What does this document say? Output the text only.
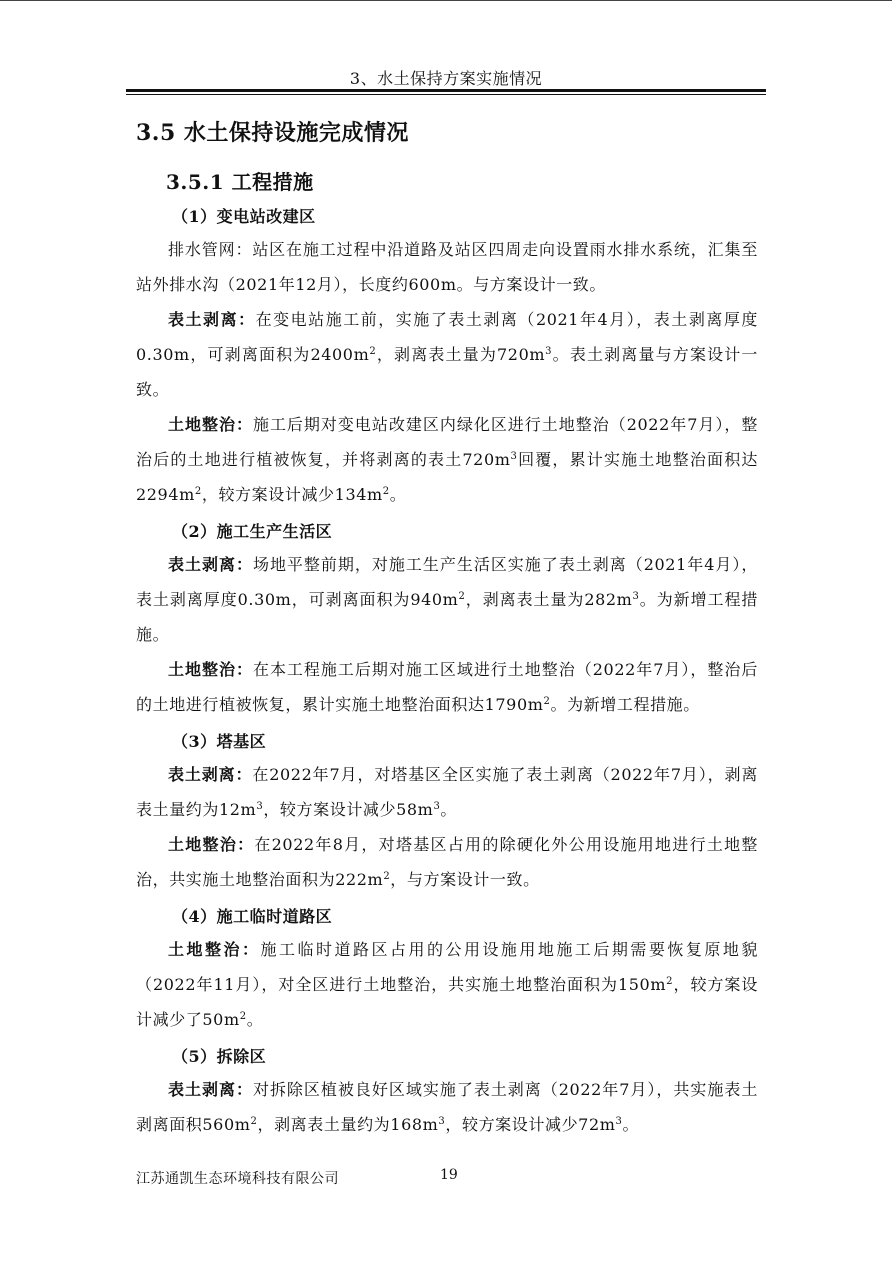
3、水土保持方案实施情况
3.5 水土保持设施完成情况
3.5.1 工程措施
（1）变电站改建区

排水管网：站区在施工过程中沿道路及站区四周走向设置雨水排水系统，汇集至站外排水沟（2021年12月），长度约600m。与方案设计一致。

表土剥离：在变电站施工前，实施了表土剥离（2021年4月），表土剥离厚度0.30m，可剥离面积为$2400m^2$，剥离表土量为$720m^3$。表土剥离量与方案设计一致。

土地整治：施工后期对变电站改建区内绿化区进行土地整治（2022年7月），整治后的土地进行植被恢复，并将剥离的表土$720m^3$回覆，累计实施土地整治面积达$2294m^2$，较方案设计减少$134m^2$。

（2）施工生产生活区

表土剥离：场地平整前期，对施工生产生活区实施了表土剥离（2021年4月），表土剥离厚度0.30m，可剥离面积为$940m^2$，剥离表土量为$282m^3$。为新增工程措施。

土地整治：在本工程施工后期对施工区域进行土地整治（2022年7月），整治后的土地进行植被恢复，累计实施土地整治面积达$1790m^2$。为新增工程措施。

（3）塔基区

表土剥离：在2022年7月，对塔基区全区实施了表土剥离（2022年7月），剥离表土量约为$12m^3$，较方案设计减少$58m^3$。

土地整治：在2022年8月，对塔基区占用的除硬化外公用设施用地进行土地整治，共实施土地整治面积为$222m^2$，与方案设计一致。

（4）施工临时道路区

土地整治：施工临时道路区占用的公用设施用地施工后期需要恢复原地貌（2022年11月），对全区进行土地整治，共实施土地整治面积为$150m^2$，较方案设计减少了$50m^2$。

（5）拆除区

表土剥离：对拆除区植被良好区域实施了表土剥离（2022年7月），共实施表土剥离面积$560m^2$，剥离表土量约为$168m^3$，较方案设计减少$72m^3$。

江苏通凯生态环境科技有限公司	19
